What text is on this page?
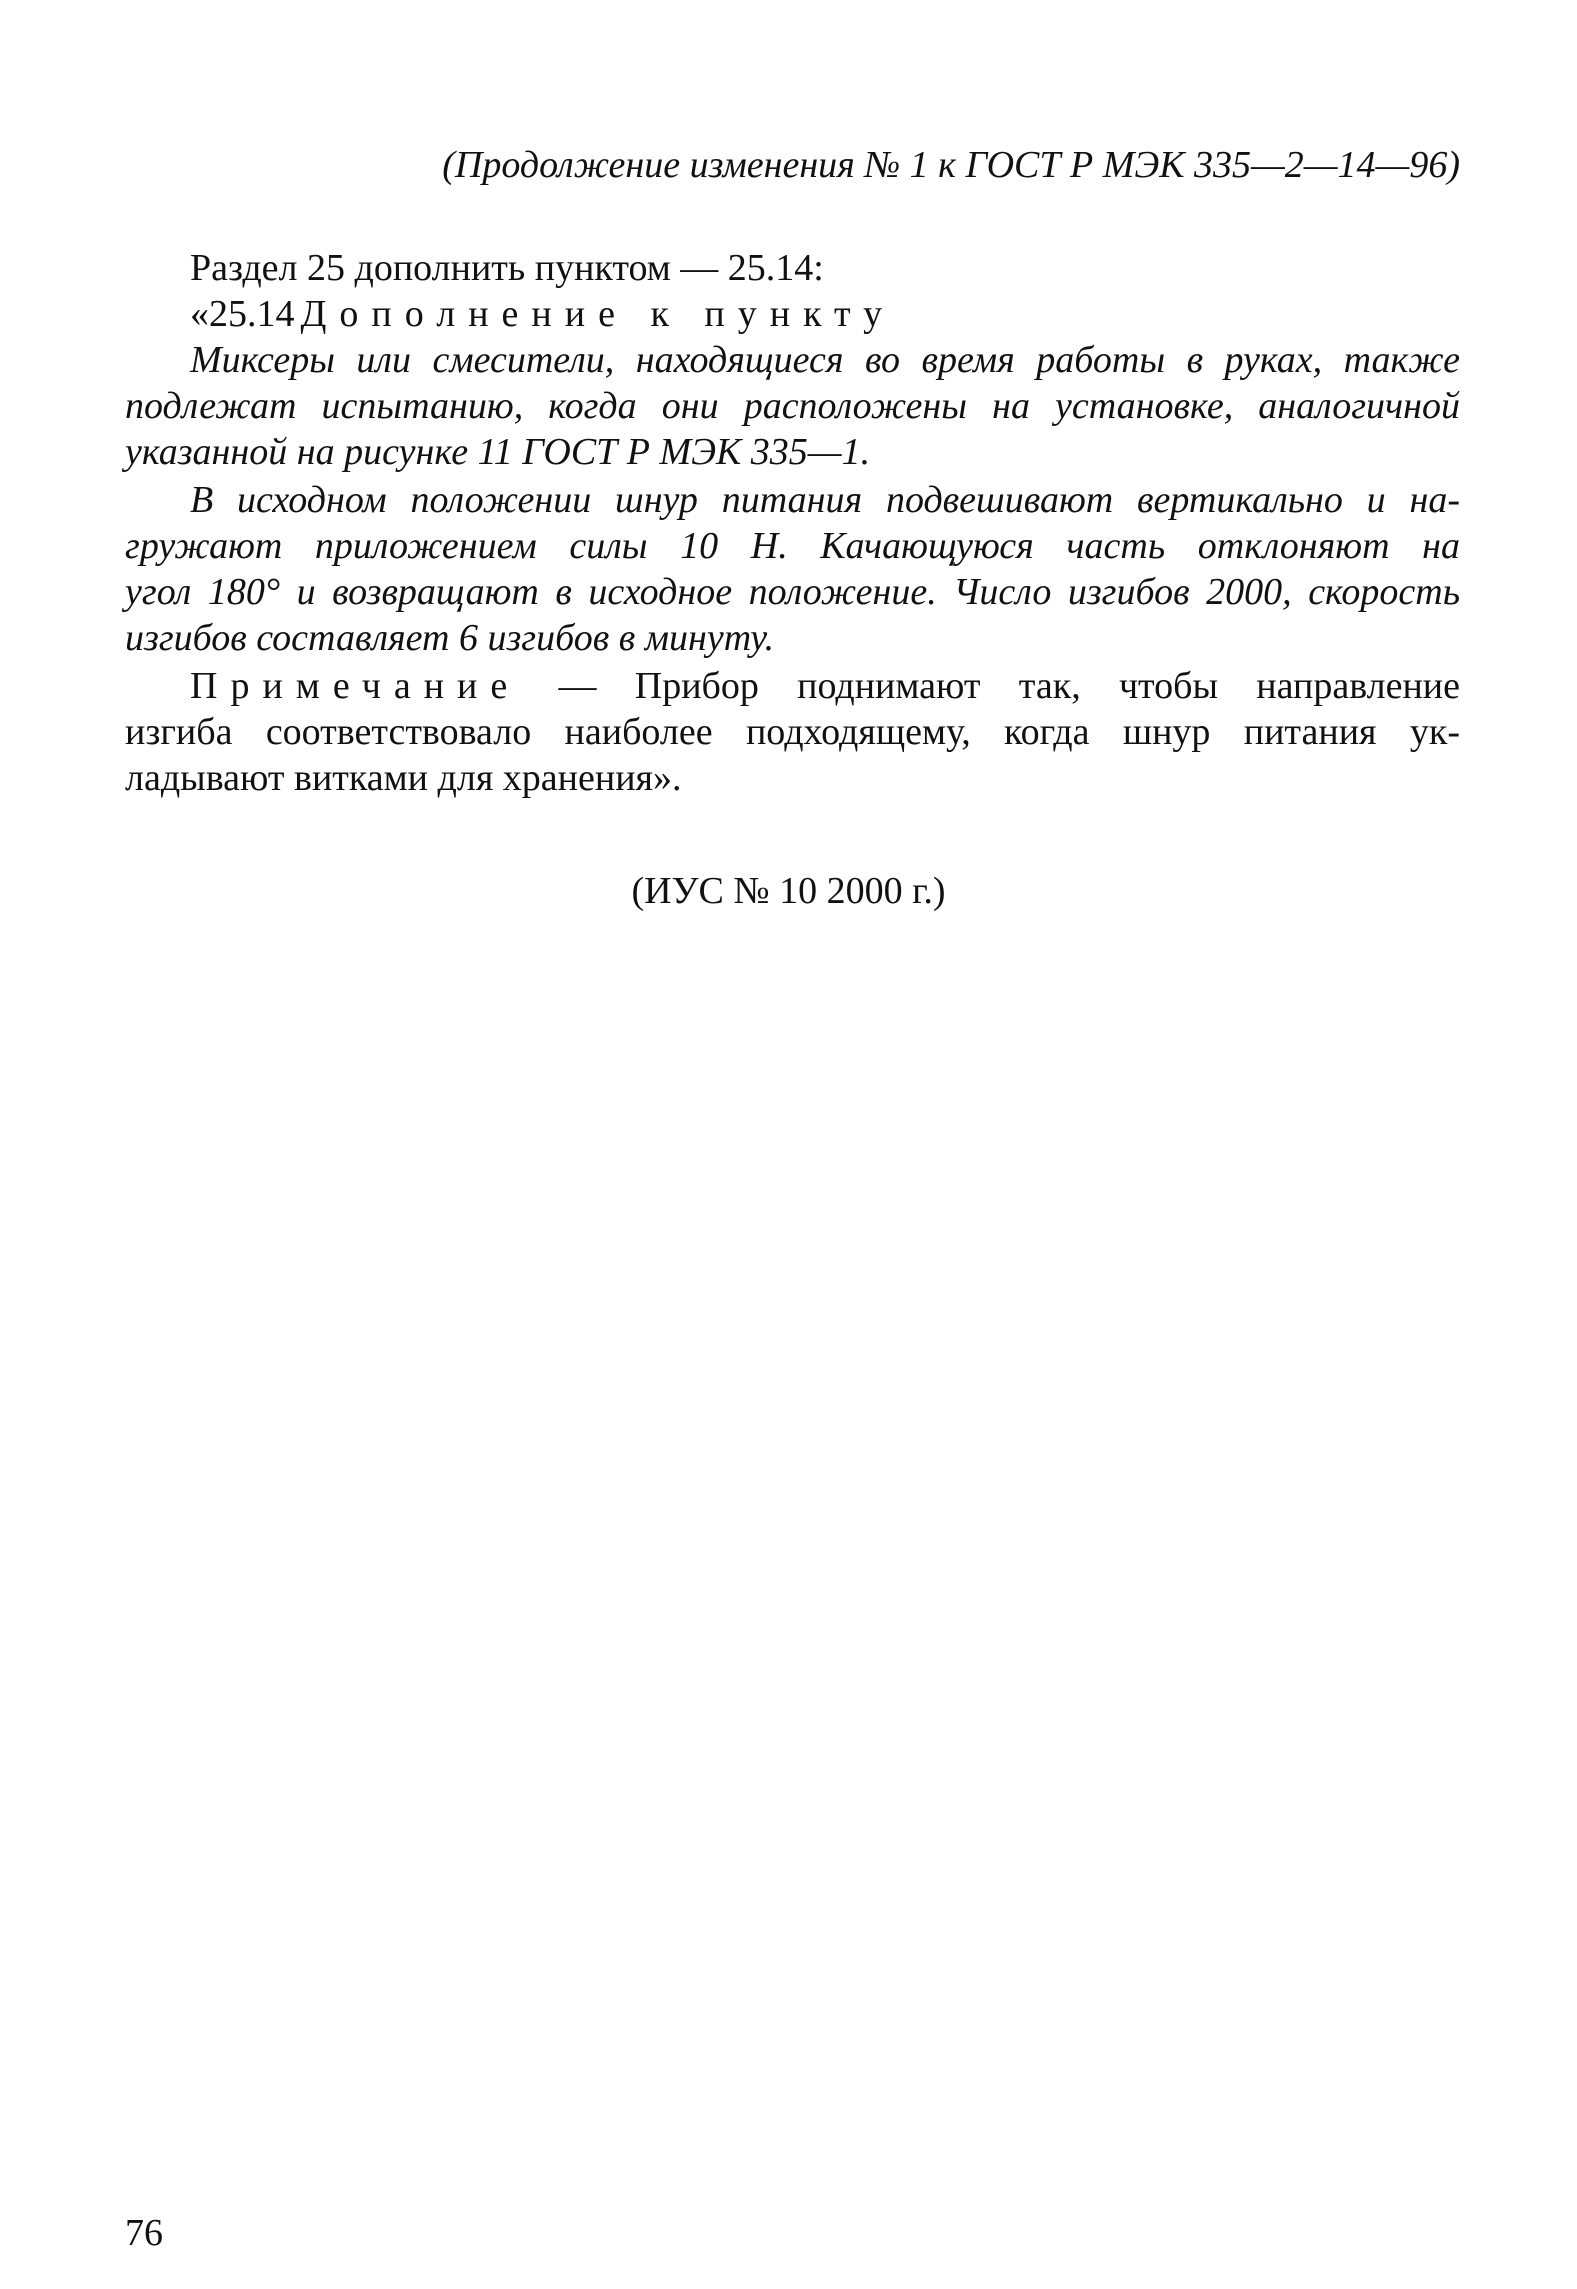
(Продолжение изменения № 1 к ГОСТ Р МЭК 335—2—14—96)
Раздел 25 дополнить пунктом — 25.14:
«25.14 Дополнение к пункту
Миксеры или смесители, находящиеся во время работы в руках, также
подлежат испытанию, когда они расположены на установке, аналогичной
указанной на рисунке 11 ГОСТ Р МЭК 335—1.
В исходном положении шнур питания подвешивают вертикально и на-
гружают приложением силы 10 Н. Качающуюся часть отклоняют на
угол 180° и возвращают в исходное положение. Число изгибов 2000, скорость
изгибов составляет 6 изгибов в минуту.
Примечание — Прибор поднимают так, чтобы направление
изгиба соответствовало наиболее подходящему, когда шнур питания ук-
ладывают витками для хранения».
(ИУС № 10 2000 г.)
76
